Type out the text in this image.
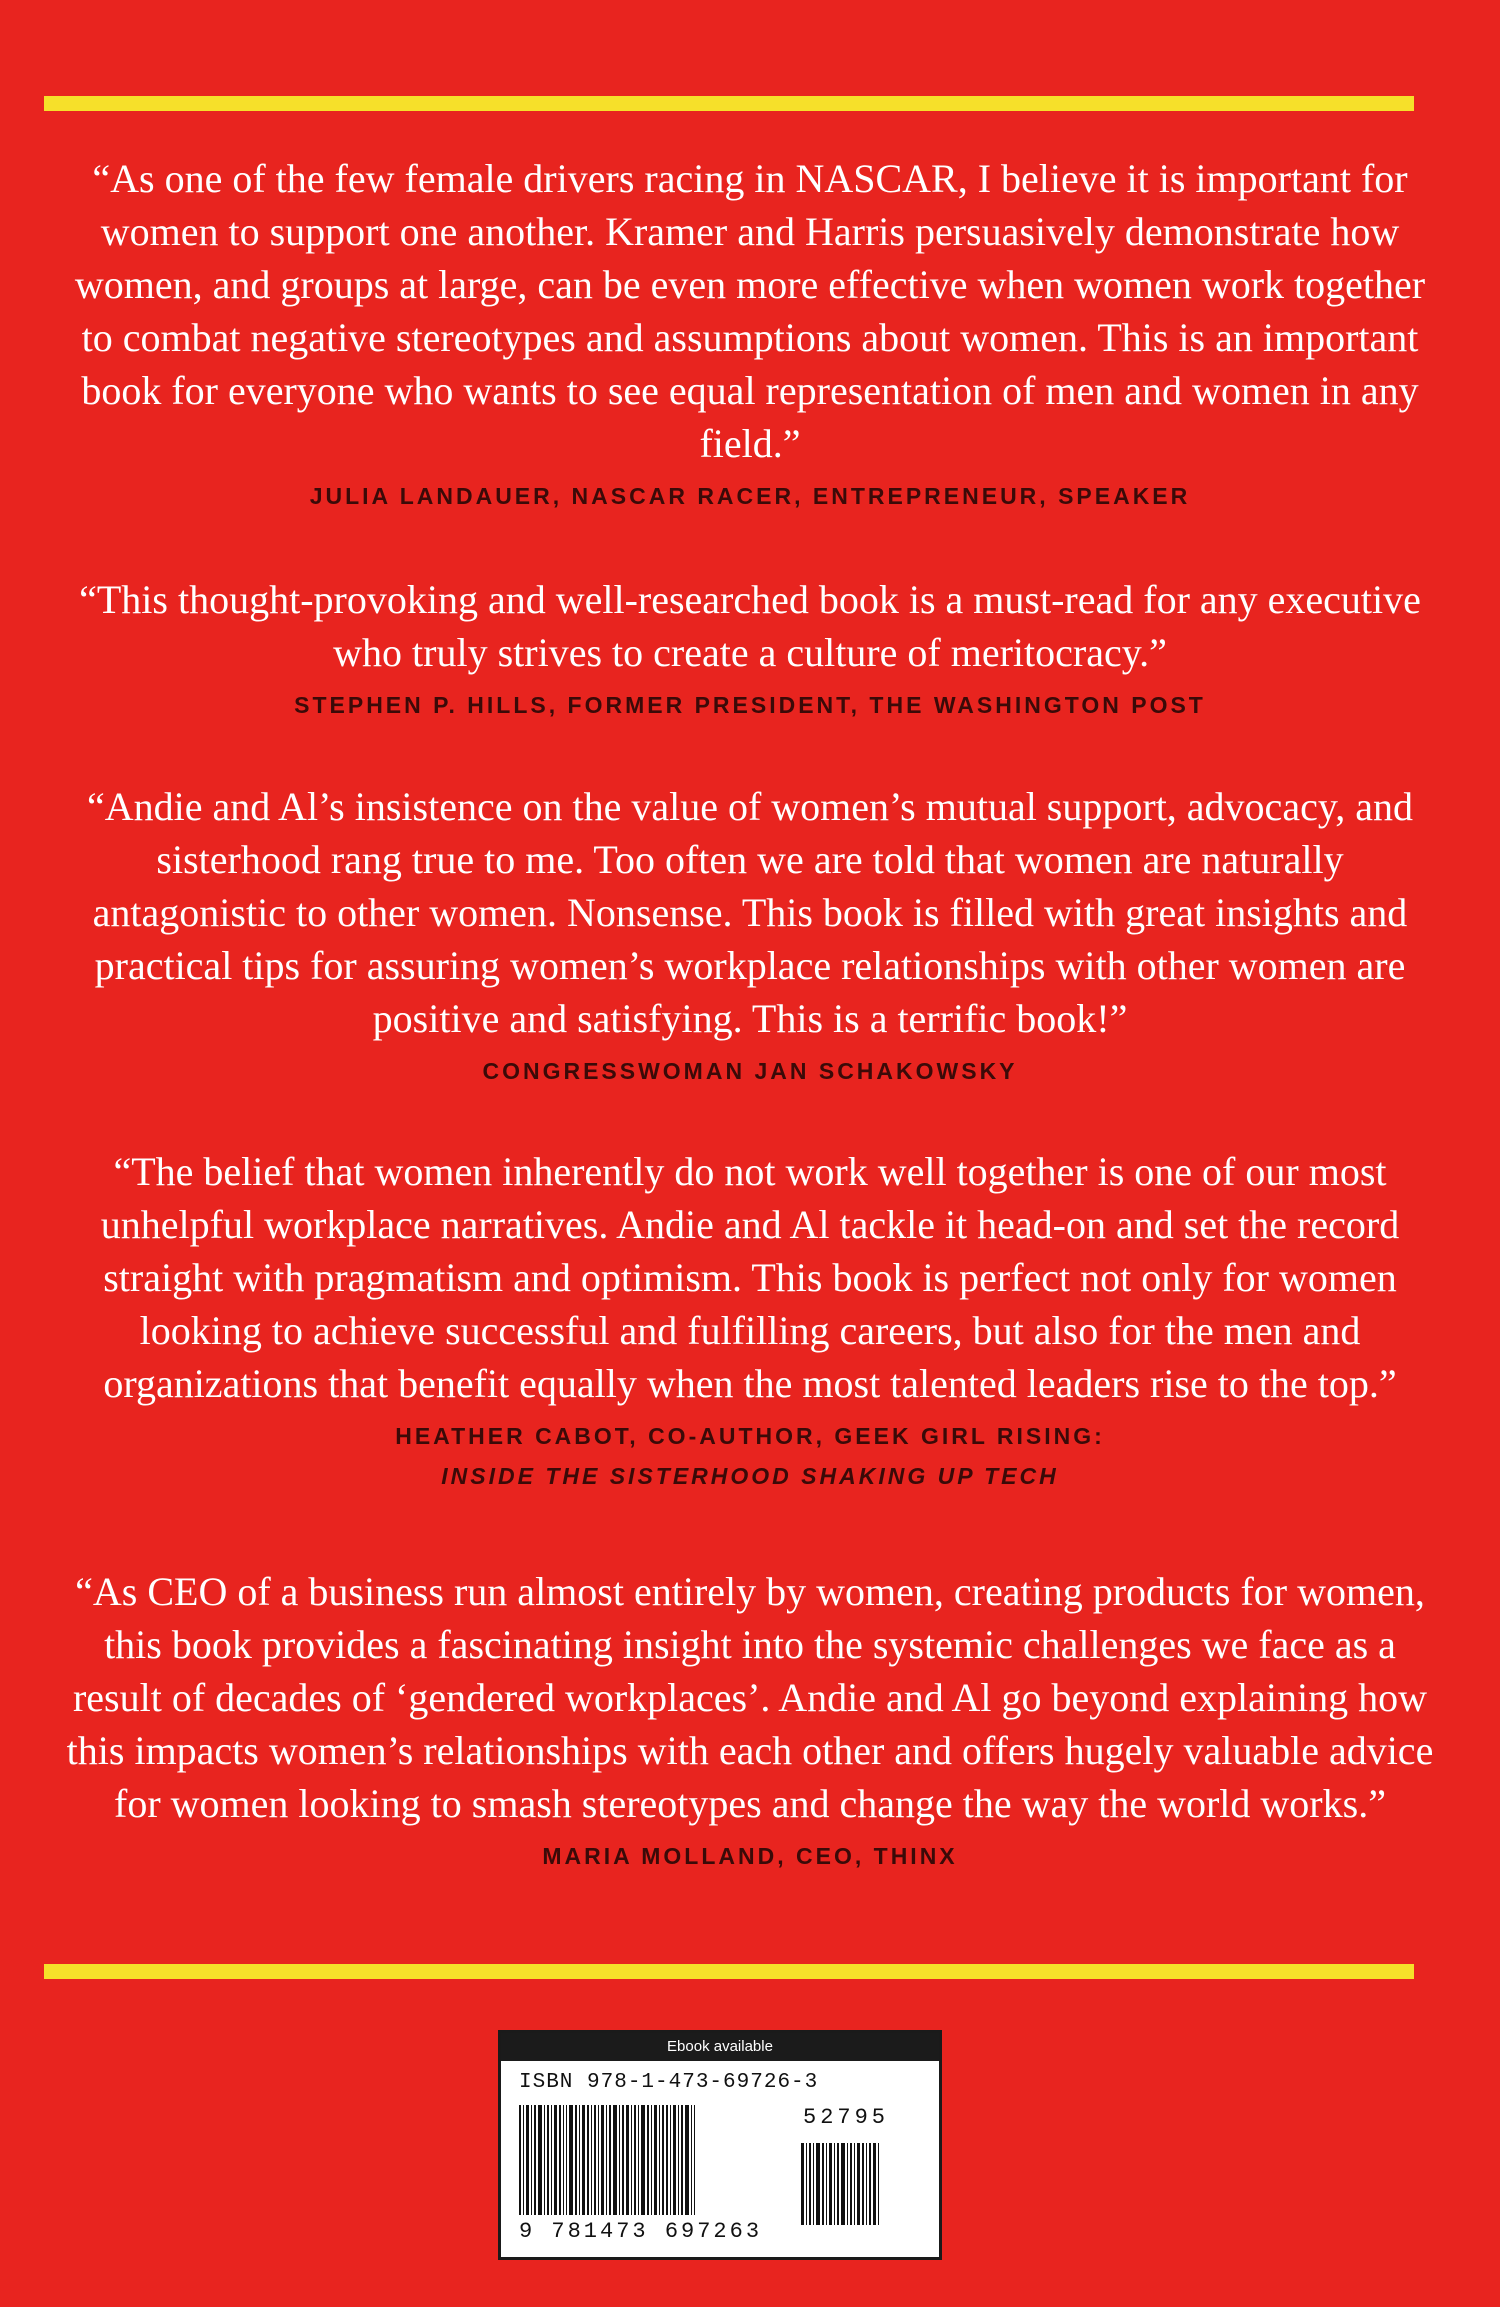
“As one of the few female drivers racing in NASCAR, I believe it is important for women to support one another. Kramer and Harris persuasively demonstrate how women, and groups at large, can be even more effective when women work together to combat negative stereotypes and assumptions about women. This is an important book for everyone who wants to see equal representation of men and women in any field.”

JULIA LANDAUER, NASCAR RACER, ENTREPRENEUR, SPEAKER

“This thought-provoking and well-researched book is a must-read for any executive who truly strives to create a culture of meritocracy.”

STEPHEN P. HILLS, FORMER PRESIDENT, THE WASHINGTON POST

“Andie and Al’s insistence on the value of women’s mutual support, advocacy, and sisterhood rang true to me. Too often we are told that women are naturally antagonistic to other women. Nonsense. This book is filled with great insights and practical tips for assuring women’s workplace relationships with other women are positive and satisfying. This is a terrific book!”

CONGRESSWOMAN JAN SCHAKOWSKY

“The belief that women inherently do not work well together is one of our most unhelpful workplace narratives. Andie and Al tackle it head-on and set the record straight with pragmatism and optimism. This book is perfect not only for women looking to achieve successful and fulfilling careers, but also for the men and organizations that benefit equally when the most talented leaders rise to the top.”

HEATHER CABOT, CO-AUTHOR, GEEK GIRL RISING:

INSIDE THE SISTERHOOD SHAKING UP TECH

“As CEO of a business run almost entirely by women, creating products for women, this book provides a fascinating insight into the systemic challenges we face as a result of decades of ‘gendered workplaces’. Andie and Al go beyond explaining how this impacts women’s relationships with each other and offers hugely valuable advice for women looking to smash stereotypes and change the way the world works.”

MARIA MOLLAND, CEO, THINX

Ebook available
ISBN 978-1-473-69726-3
52795
9 781473 697263
